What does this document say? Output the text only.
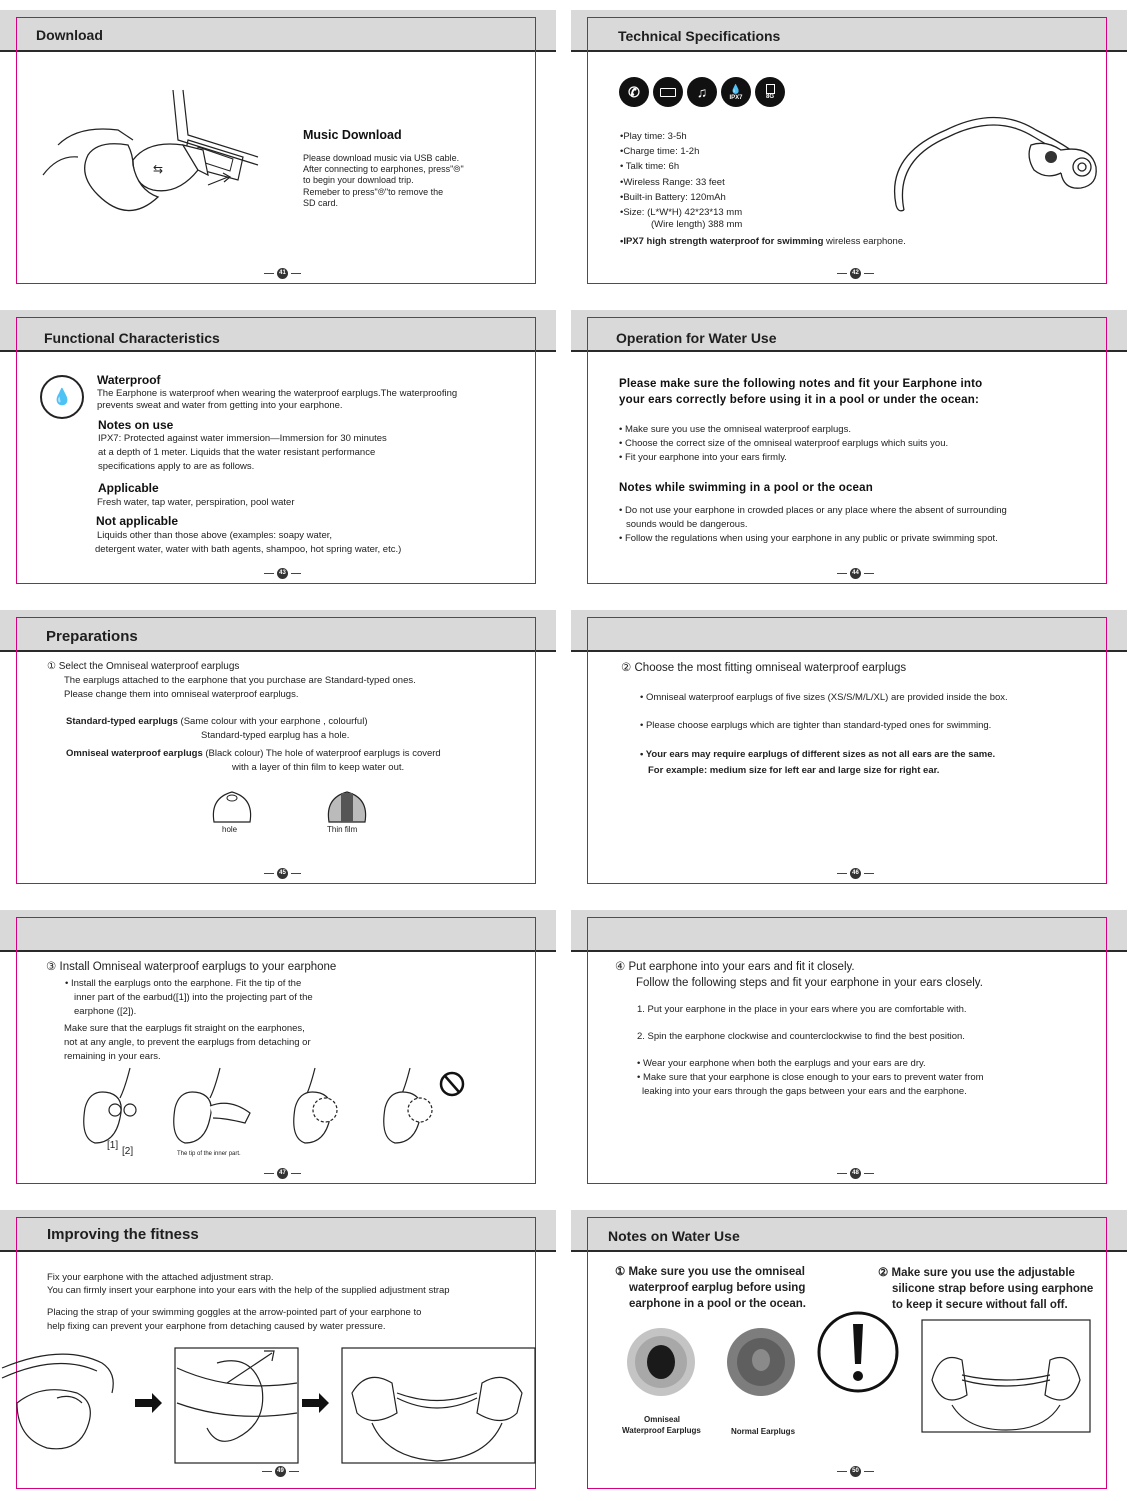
Download
⇆
Music Download
Please download music via USB cable.
After connecting to earphones, press"⦾"
to begin your download trip.
Remeber to press"⦾"to remove the
SD card.
41
Technical Specifications
✆	♫	💧
IPX7	8G
•Play time: 3-5h
•Charge time: 1-2h
• Talk time: 6h
•Wireless Range: 33 feet
•Built-in Battery: 120mAh
•Size: (L*W*H) 42*23*13 mm
(Wire length) 388 mm
•IPX7 high strength waterproof for swimming wireless earphone.
42
Functional Characteristics
💧
Waterproof
The Earphone is waterproof when wearing the waterproof earplugs.The waterproofing
prevents sweat and water from getting into your earphone.
Notes on use
IPX7: Protected against water immersion—Immersion for 30 minutes
at a depth of 1 meter. Liquids that the water resistant performance
specifications apply to are as follows.
Applicable
Fresh water, tap water, perspiration, pool water
Not applicable
Liquids other than those above (examples: soapy water,
detergent water, water with bath agents, shampoo, hot spring water, etc.)
43
Operation for Water Use
Please make sure the following notes and fit your Earphone into
your ears correctly before using it in a pool or under the ocean:
• Make sure you use the omniseal waterproof earplugs.
• Choose the correct size of the omniseal waterproof earplugs which suits you.
• Fit your earphone into your ears firmly.
Notes while swimming in a pool or the ocean
• Do not use your earphone in crowded places or any place where the absent of surrounding
sounds would be dangerous.
• Follow the regulations when using your earphone in any public or private swimming spot.
44
Preparations
① Select the Omniseal waterproof earplugs
The earplugs attached to the earphone that you purchase are Standard-typed ones.
Please change them into omniseal waterproof earplugs.
Standard-typed earplugs (Same colour with your earphone , colourful)
Standard-typed earplug has a hole.
Omniseal waterproof earplugs (Black colour) The hole of waterproof earplugs is coverd
with a layer of thin film to keep water out.
hole	Thin film
45
② Choose the most fitting omniseal waterproof earplugs
• Omniseal waterproof earplugs of five sizes (XS/S/M/L/XL) are provided inside the box.
• Please choose earplugs which are tighter than standard-typed ones for swimming.
• Your ears may require earplugs of different sizes as not all ears are the same.
For example: medium size for left ear and large size for right ear.
46
③ Install Omniseal waterproof earplugs to your earphone
• Install the earplugs onto the earphone. Fit the tip of the
inner part of the earbud([1]) into the projecting part of the
earphone ([2]).
Make sure that the earplugs fit straight on the earphones,
not at any angle, to prevent the earplugs from detaching or
remaining in your ears.
[1]
[2]	The tip of the inner part.
47
④ Put earphone into your ears and fit it closely.
Follow the following steps and fit your earphone in your ears closely.
1. Put your earphone in the place in your ears where you are comfortable with.
2. Spin the earphone clockwise and counterclockwise to find the best position.
• Wear your earphone when both the earplugs and your ears are dry.
• Make sure that your earphone is close enough to your ears to prevent water from
leaking into your ears through the gaps between your ears and the earphone.
48
Improving the fitness
Fix your earphone with the attached adjustment strap.
You can firmly insert your earphone into your ears with the help of the supplied adjustment strap
Placing the strap of your swimming goggles at the arrow-pointed part of your earphone to
help fixing can prevent your earphone from detaching caused by water pressure.
49
Notes on Water Use
① Make sure you use the omniseal
waterproof earplug before using
earphone in a pool or the ocean.
② Make sure you use the adjustable
silicone strap before using earphone
to keep it secure without fall off.
Omniseal
Waterproof Earplugs	Normal Earplugs
50
